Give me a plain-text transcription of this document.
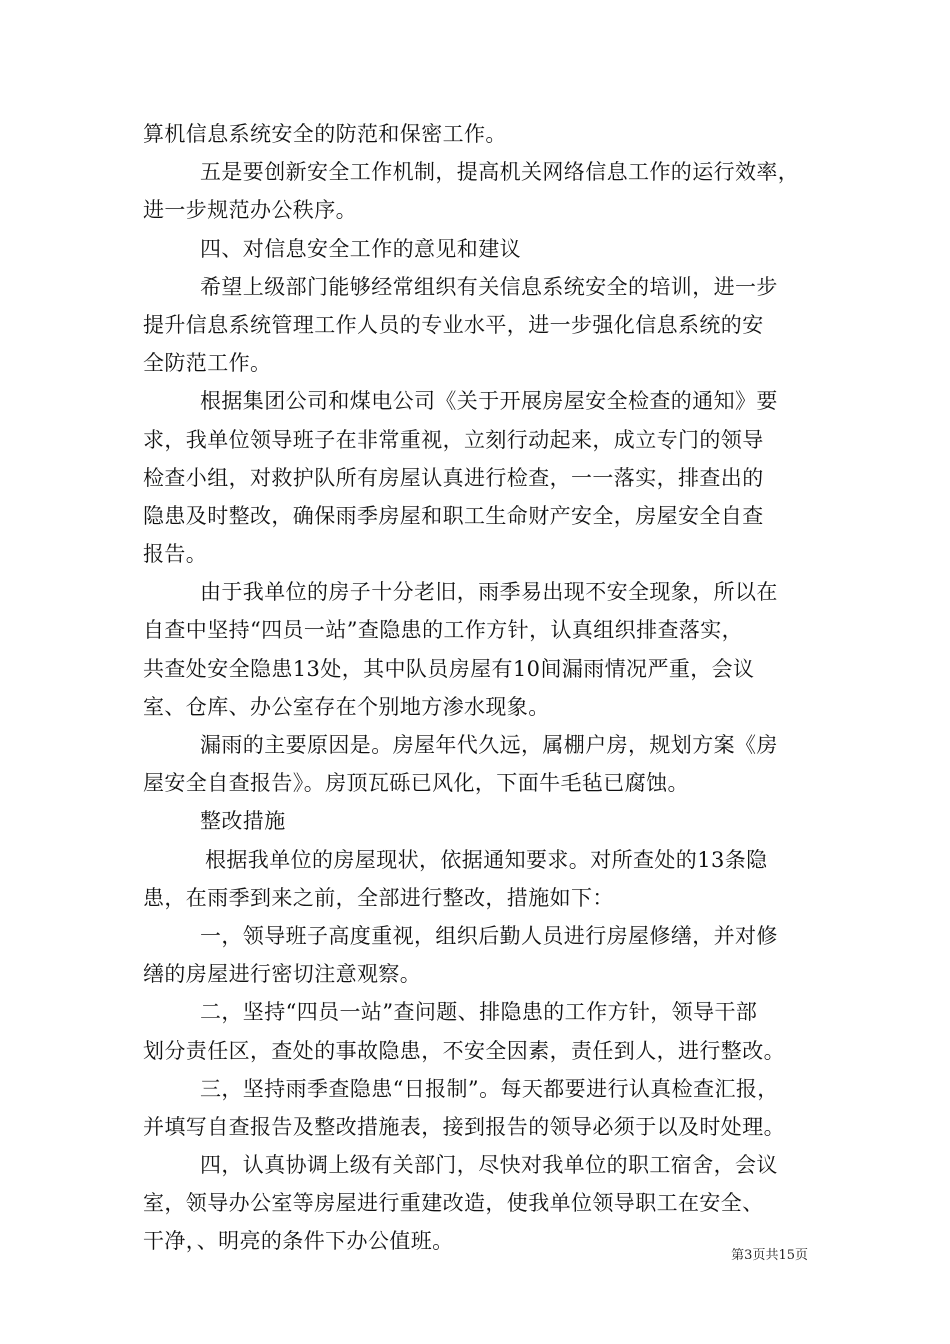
算机信息系统安全的防范和保密工作。
五是要创新安全工作机制，提高机关网络信息工作的运行效率，
进一步规范办公秩序。
四、对信息安全工作的意见和建议
希望上级部门能够经常组织有关信息系统安全的培训，进一步
提升信息系统管理工作人员的专业水平，进一步强化信息系统的安
全防范工作。
根据集团公司和煤电公司《关于开展房屋安全检查的通知》要
求，我单位领导班子在非常重视，立刻行动起来，成立专门的领导
检查小组，对救护队所有房屋认真进行检查，一一落实，排查出的
隐患及时整改，确保雨季房屋和职工生命财产安全，房屋安全自查
报告。
由于我单位的房子十分老旧，雨季易出现不安全现象，所以在
自查中坚持“四员一站”查隐患的工作方针，认真组织排查落实，
共查处安全隐患13处，其中队员房屋有10间漏雨情况严重，会议
室、仓库、办公室存在个别地方渗水现象。
漏雨的主要原因是。房屋年代久远，属棚户房，规划方案《房
屋安全自查报告》。房顶瓦砾已风化，下面牛毛毡已腐蚀。
整改措施
根据我单位的房屋现状，依据通知要求。对所查处的13条隐
患，在雨季到来之前，全部进行整改，措施如下：
一，领导班子高度重视，组织后勤人员进行房屋修缮，并对修
缮的房屋进行密切注意观察。
二，坚持“四员一站”查问题、排隐患的工作方针，领导干部
划分责任区，查处的事故隐患，不安全因素，责任到人，进行整改。
三，坚持雨季查隐患“日报制”。每天都要进行认真检查汇报，
并填写自查报告及整改措施表，接到报告的领导必须于以及时处理。
四，认真协调上级有关部门，尽快对我单位的职工宿舍，会议
室，领导办公室等房屋进行重建改造，使我单位领导职工在安全、
干净，、明亮的条件下办公值班。
第3页共15页
